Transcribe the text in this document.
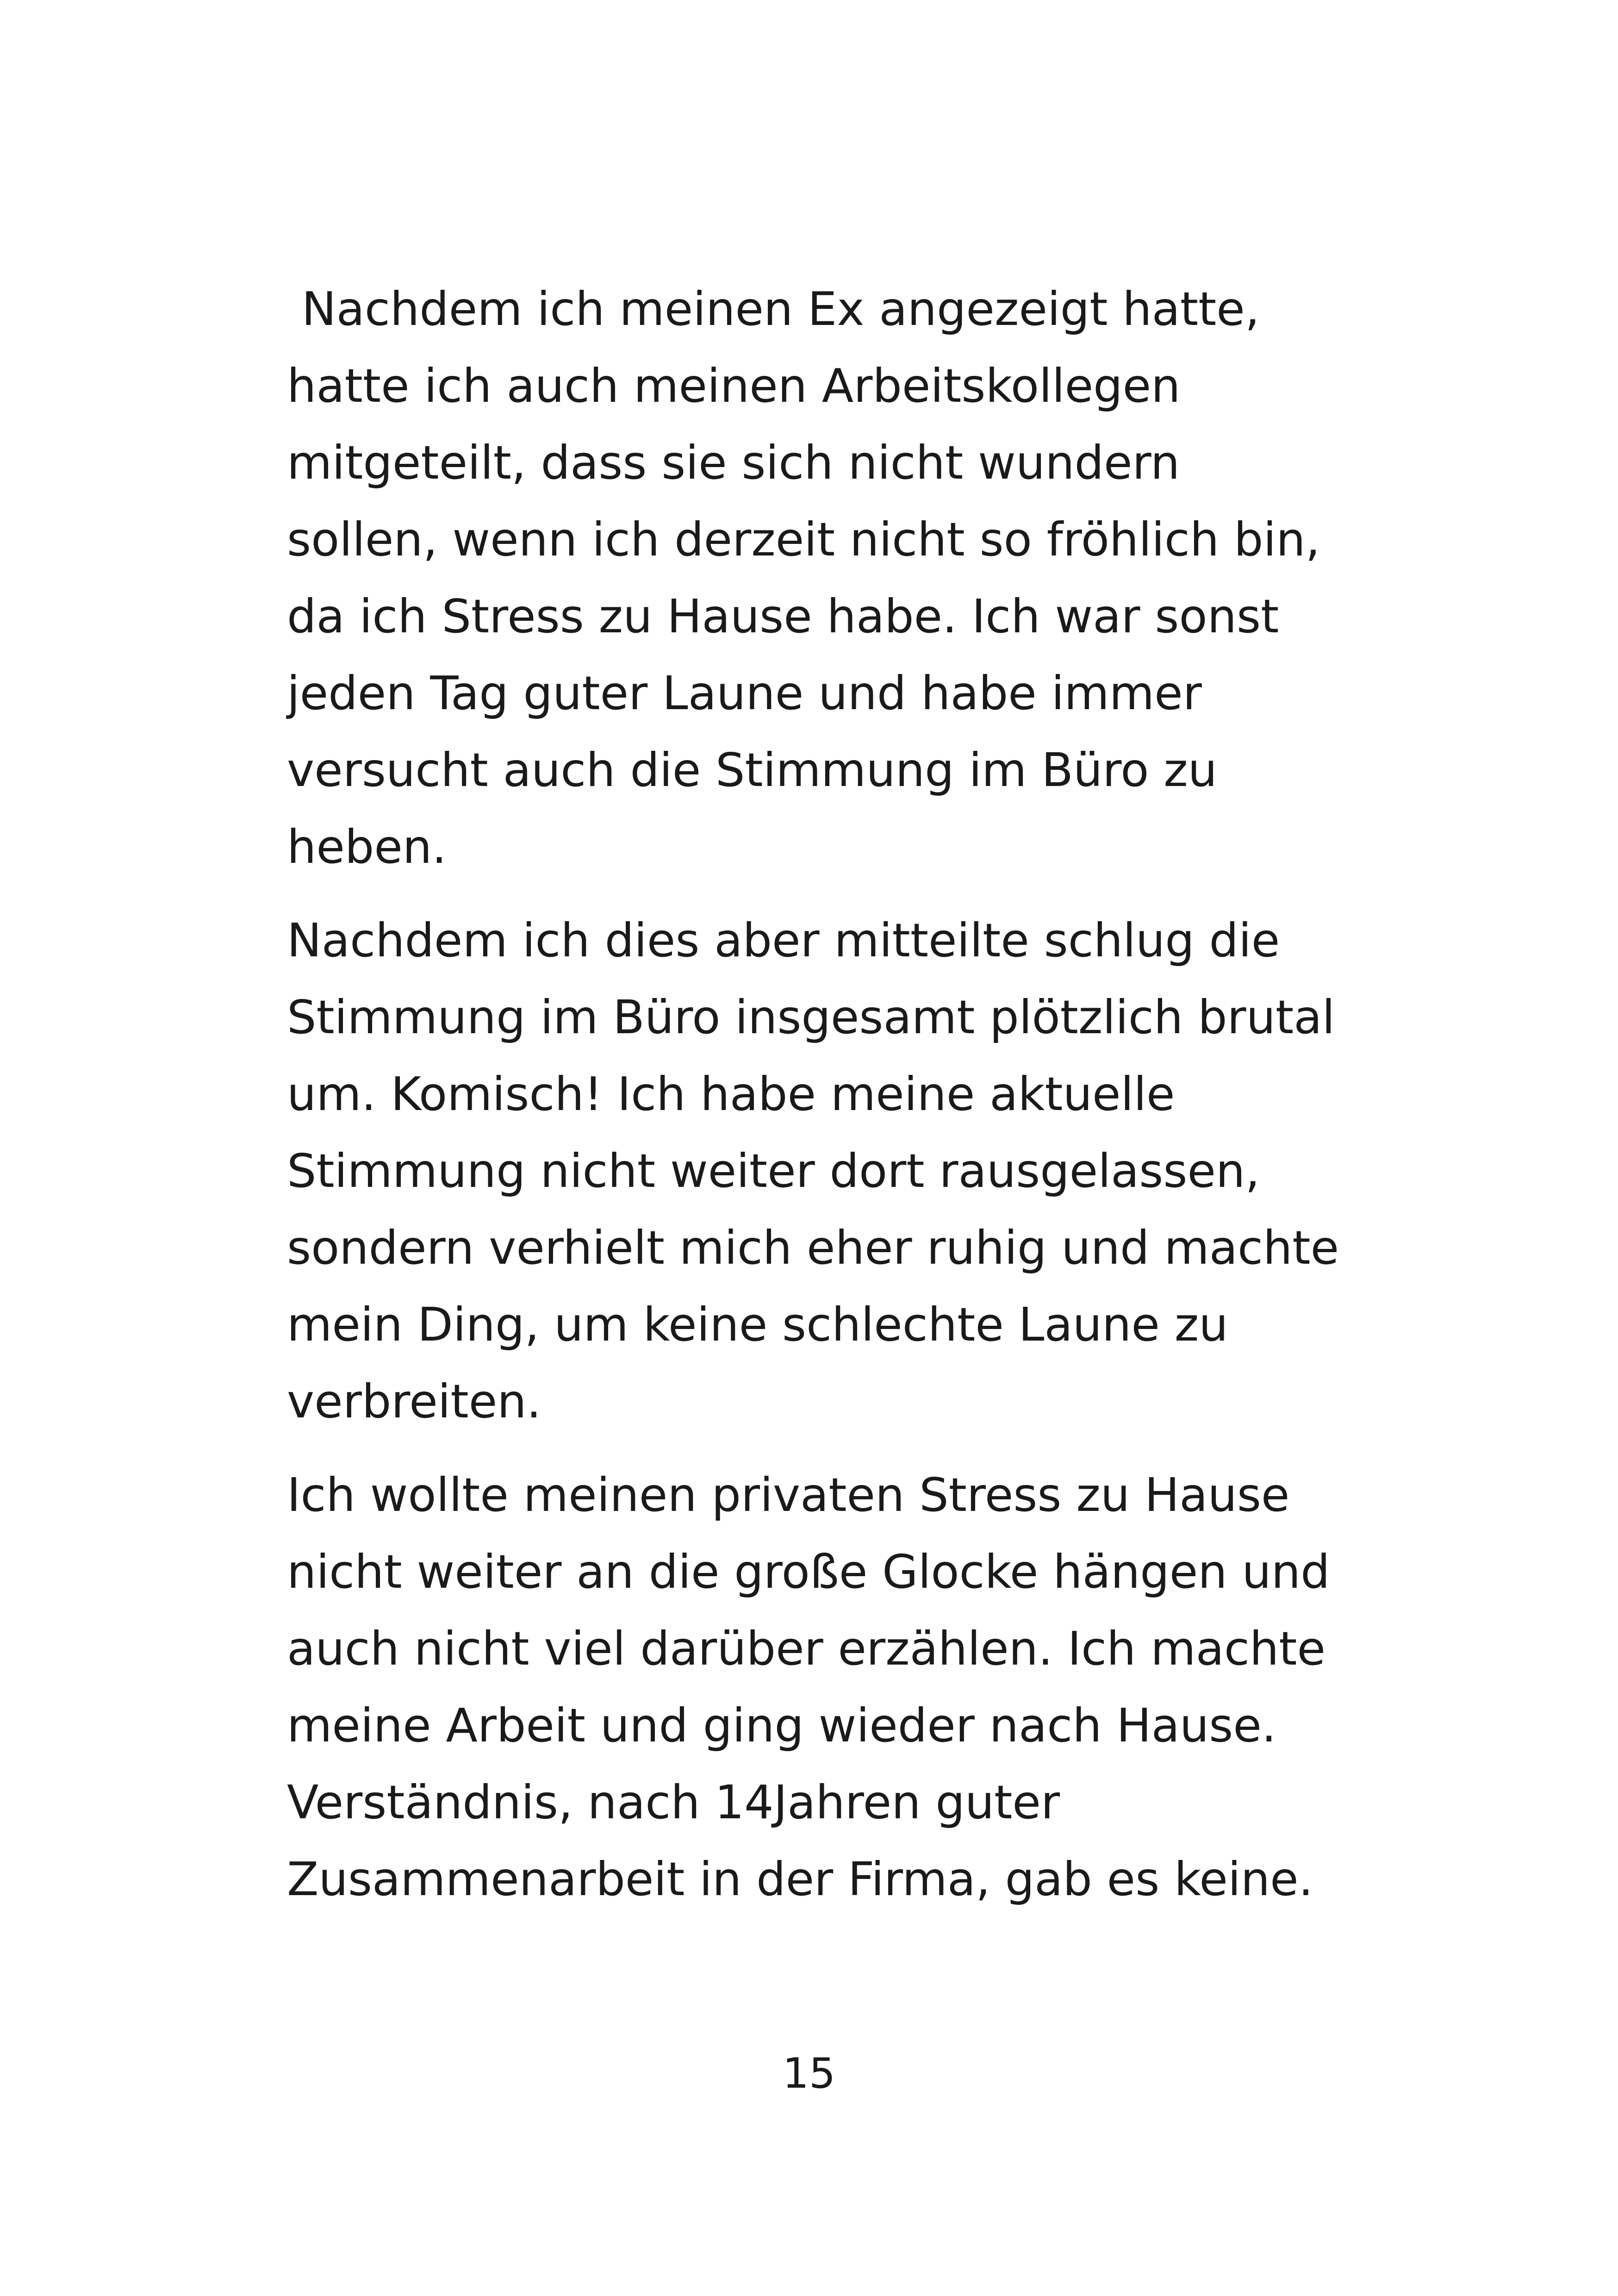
Nachdem ich meinen Ex angezeigt hatte,
hatte ich auch meinen Arbeitskollegen
mitgeteilt, dass sie sich nicht wundern
sollen, wenn ich derzeit nicht so fröhlich bin,
da ich Stress zu Hause habe. Ich war sonst
jeden Tag guter Laune und habe immer
versucht auch die Stimmung im Büro zu
heben.
Nachdem ich dies aber mitteilte schlug die
Stimmung im Büro insgesamt plötzlich brutal
um. Komisch! Ich habe meine aktuelle
Stimmung nicht weiter dort rausgelassen,
sondern verhielt mich eher ruhig und machte
mein Ding, um keine schlechte Laune zu
verbreiten.
Ich wollte meinen privaten Stress zu Hause
nicht weiter an die große Glocke hängen und
auch nicht viel darüber erzählen. Ich machte
meine Arbeit und ging wieder nach Hause.
Verständnis, nach 14Jahren guter
Zusammenarbeit in der Firma, gab es keine.
15
